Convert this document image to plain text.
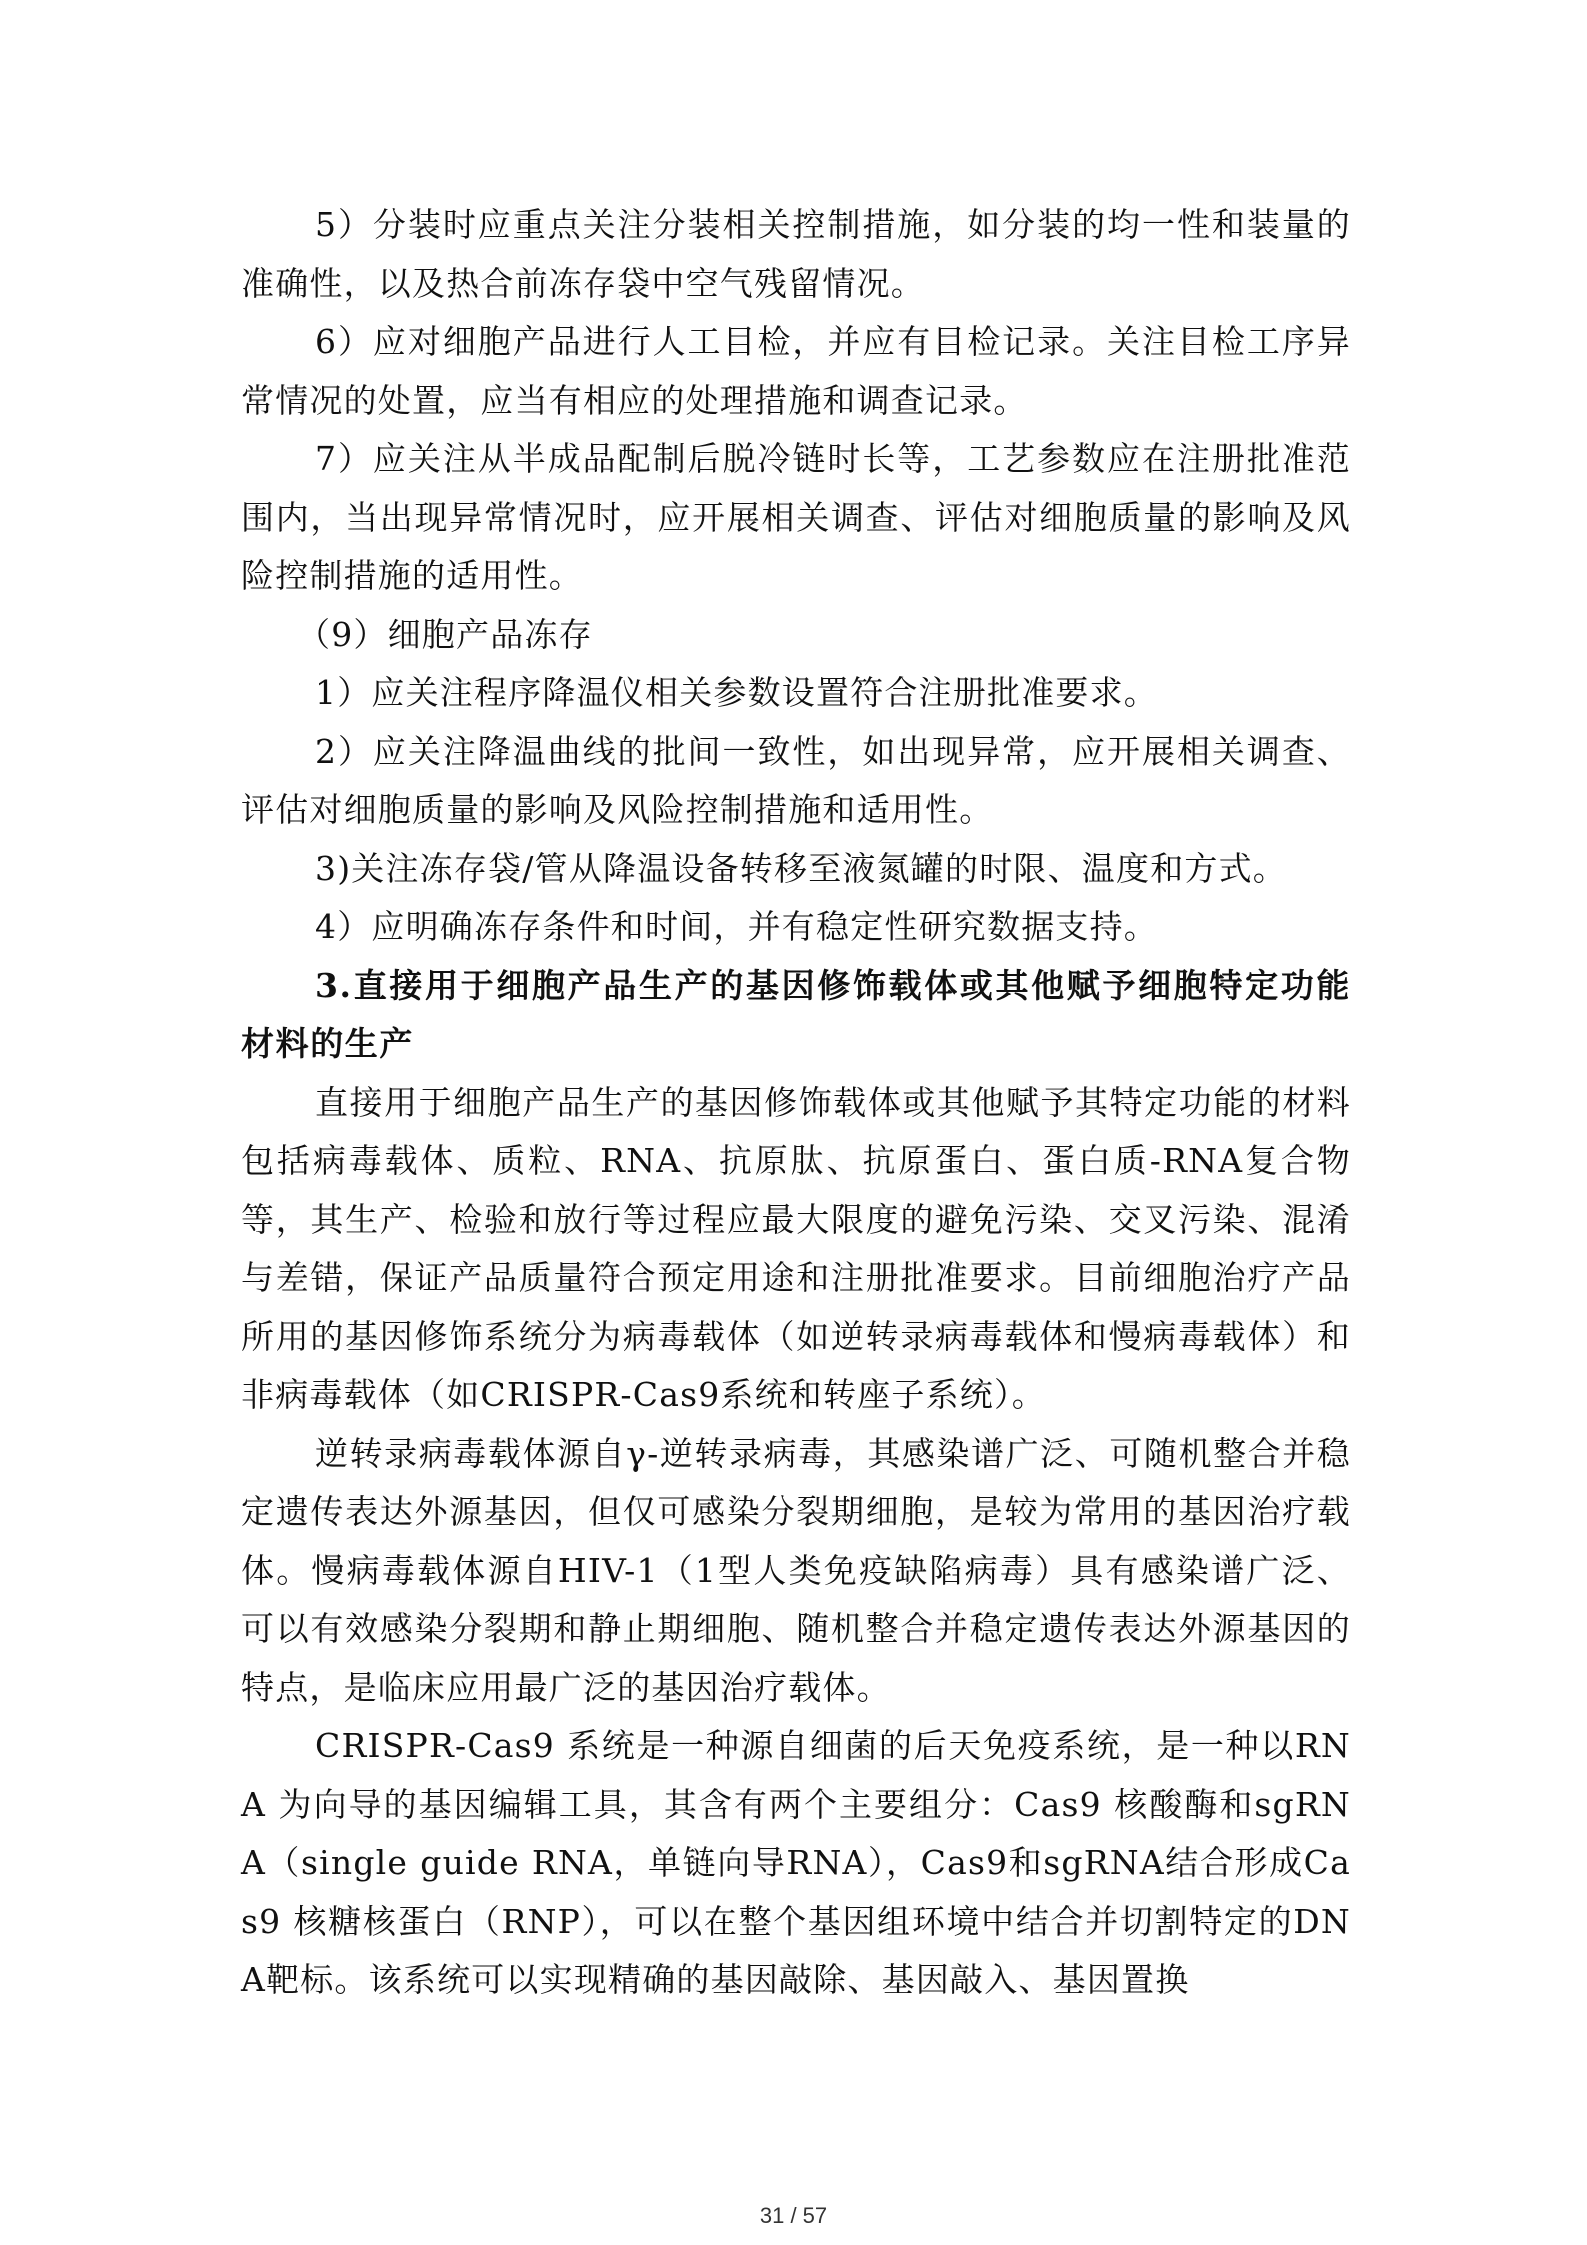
5）分装时应重点关注分装相关控制措施，如分装的均一性和装量的准确性，以及热合前冻存袋中空气残留情况。

6）应对细胞产品进行人工目检，并应有目检记录。关注目检工序异常情况的处置，应当有相应的处理措施和调查记录。

7）应关注从半成品配制后脱冷链时长等，工艺参数应在注册批准范围内，当出现异常情况时，应开展相关调查、评估对细胞质量的影响及风险控制措施的适用性。

（9）细胞产品冻存

1）应关注程序降温仪相关参数设置符合注册批准要求。

2）应关注降温曲线的批间一致性，如出现异常，应开展相关调查、评估对细胞质量的影响及风险控制措施和适用性。

3)关注冻存袋/管从降温设备转移至液氮罐的时限、温度和方式。

4）应明确冻存条件和时间，并有稳定性研究数据支持。

3.直接用于细胞产品生产的基因修饰载体或其他赋予细胞特定功能材料的生产

直接用于细胞产品生产的基因修饰载体或其他赋予其特定功能的材料包括病毒载体、质粒、RNA、抗原肽、抗原蛋白、蛋白质-RNA复合物等，其生产、检验和放行等过程应最大限度的避免污染、交叉污染、混淆与差错，保证产品质量符合预定用途和注册批准要求。目前细胞治疗产品所用的基因修饰系统分为病毒载体（如逆转录病毒载体和慢病毒载体）和非病毒载体（如CRISPR-Cas9系统和转座子系统）。

逆转录病毒载体源自γ-逆转录病毒，其感染谱广泛、可随机整合并稳定遗传表达外源基因，但仅可感染分裂期细胞，是较为常用的基因治疗载体。慢病毒载体源自HIV-1（1型人类免疫缺陷病毒）具有感染谱广泛、可以有效感染分裂期和静止期细胞、随机整合并稳定遗传表达外源基因的特点，是临床应用最广泛的基因治疗载体。

CRISPR-Cas9 系统是一种源自细菌的后天免疫系统，是一种以RNA 为向导的基因编辑工具，其含有两个主要组分：Cas9 核酸酶和sgRNA（single guide RNA，单链向导RNA），Cas9和sgRNA结合形成Cas9 核糖核蛋白（RNP），可以在整个基因组环境中结合并切割特定的DNA靶标。该系统可以实现精确的基因敲除、基因敲入、基因置换

31 / 57
